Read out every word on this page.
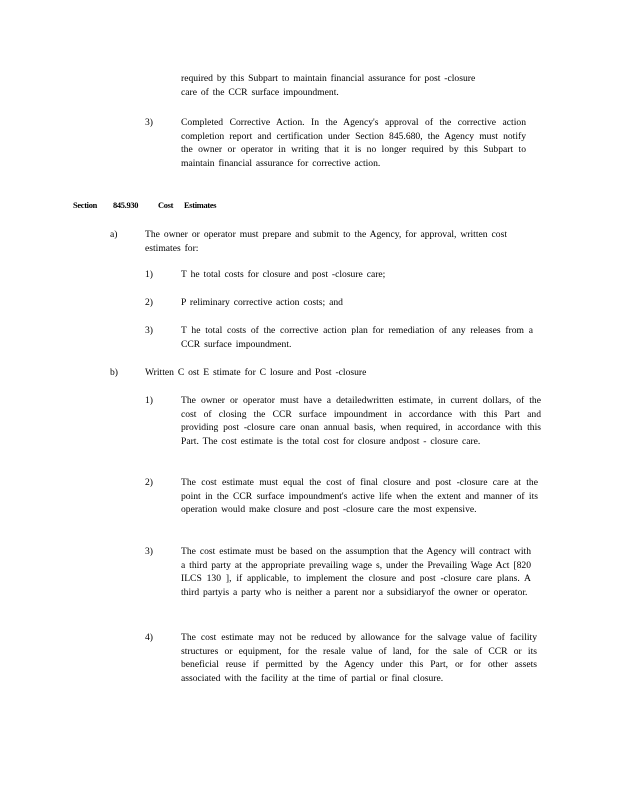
required by this Subpart to maintain financial assurance for post -closure
care of the CCR surface impoundment.
3)	Completed Corrective Action. In the Agency's approval of the corrective action completion report and certification under Section 845.680, the Agency must notify the owner or operator in writing that it is no longer required by this Subpart to maintain financial assurance for corrective action.
Section 845.930 Cost Estimates
a)	The owner or operator must prepare and submit to the Agency, for approval, written cost estimates for:
1)	T he total costs for closure and post -closure care;
2)	P reliminary corrective action costs; and
3)	T he total costs of the corrective action plan for remediation of any releases from a CCR surface impoundment.
b)	Written C ost E stimate for C losure and Post -closure
1)	The owner or operator must have a detailedwritten estimate, in current dollars, of the cost of closing the CCR surface impoundment in accordance with this Part and providing post -closure care onan annual basis, when required, in accordance with this Part. The cost estimate is the total cost for closure andpost - closure care.
2)	The cost estimate must equal the cost of final closure and post -closure care at the point in the CCR surface impoundment's active life when the extent and manner of its operation would make closure and post -closure care the most expensive.
3)	The cost estimate must be based on the assumption that the Agency will contract with a third party at the appropriate prevailing wage s, under the Prevailing Wage Act [820 ILCS 130 ], if applicable, to implement the closure and post -closure care plans. A third partyis a party who is neither a parent nor a subsidiaryof the owner or operator.
4)	The cost estimate may not be reduced by allowance for the salvage value of facility structures or equipment, for the resale value of land, for the sale of CCR or its beneficial reuse if permitted by the Agency under this Part, or for other assets associated with the facility at the time of partial or final closure.
